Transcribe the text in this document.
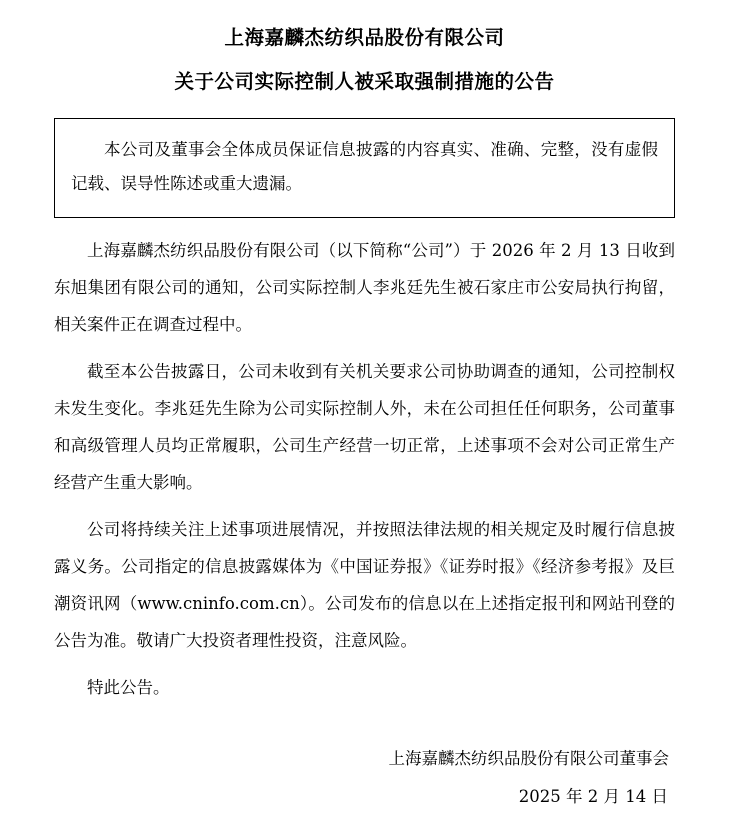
上海嘉麟杰纺织品股份有限公司
关于公司实际控制人被采取强制措施的公告

本公司及董事会全体成员保证信息披露的内容真实、准确、完整，没有虚假记载、误导性陈述或重大遗漏。

上海嘉麟杰纺织品股份有限公司（以下简称“公司”）于 2026 年 2 月 13 日收到东旭集团有限公司的通知，公司实际控制人李兆廷先生被石家庄市公安局执行拘留，相关案件正在调查过程中。

截至本公告披露日，公司未收到有关机关要求公司协助调查的通知，公司控制权未发生变化。李兆廷先生除为公司实际控制人外，未在公司担任任何职务，公司董事和高级管理人员均正常履职，公司生产经营一切正常，上述事项不会对公司正常生产经营产生重大影响。

公司将持续关注上述事项进展情况，并按照法律法规的相关规定及时履行信息披露义务。公司指定的信息披露媒体为《中国证券报》《证券时报》《经济参考报》及巨潮资讯网（www.cninfo.com.cn）。公司发布的信息以在上述指定报刊和网站刊登的公告为准。敬请广大投资者理性投资，注意风险。

特此公告。

上海嘉麟杰纺织品股份有限公司董事会
2025 年 2 月 14 日
